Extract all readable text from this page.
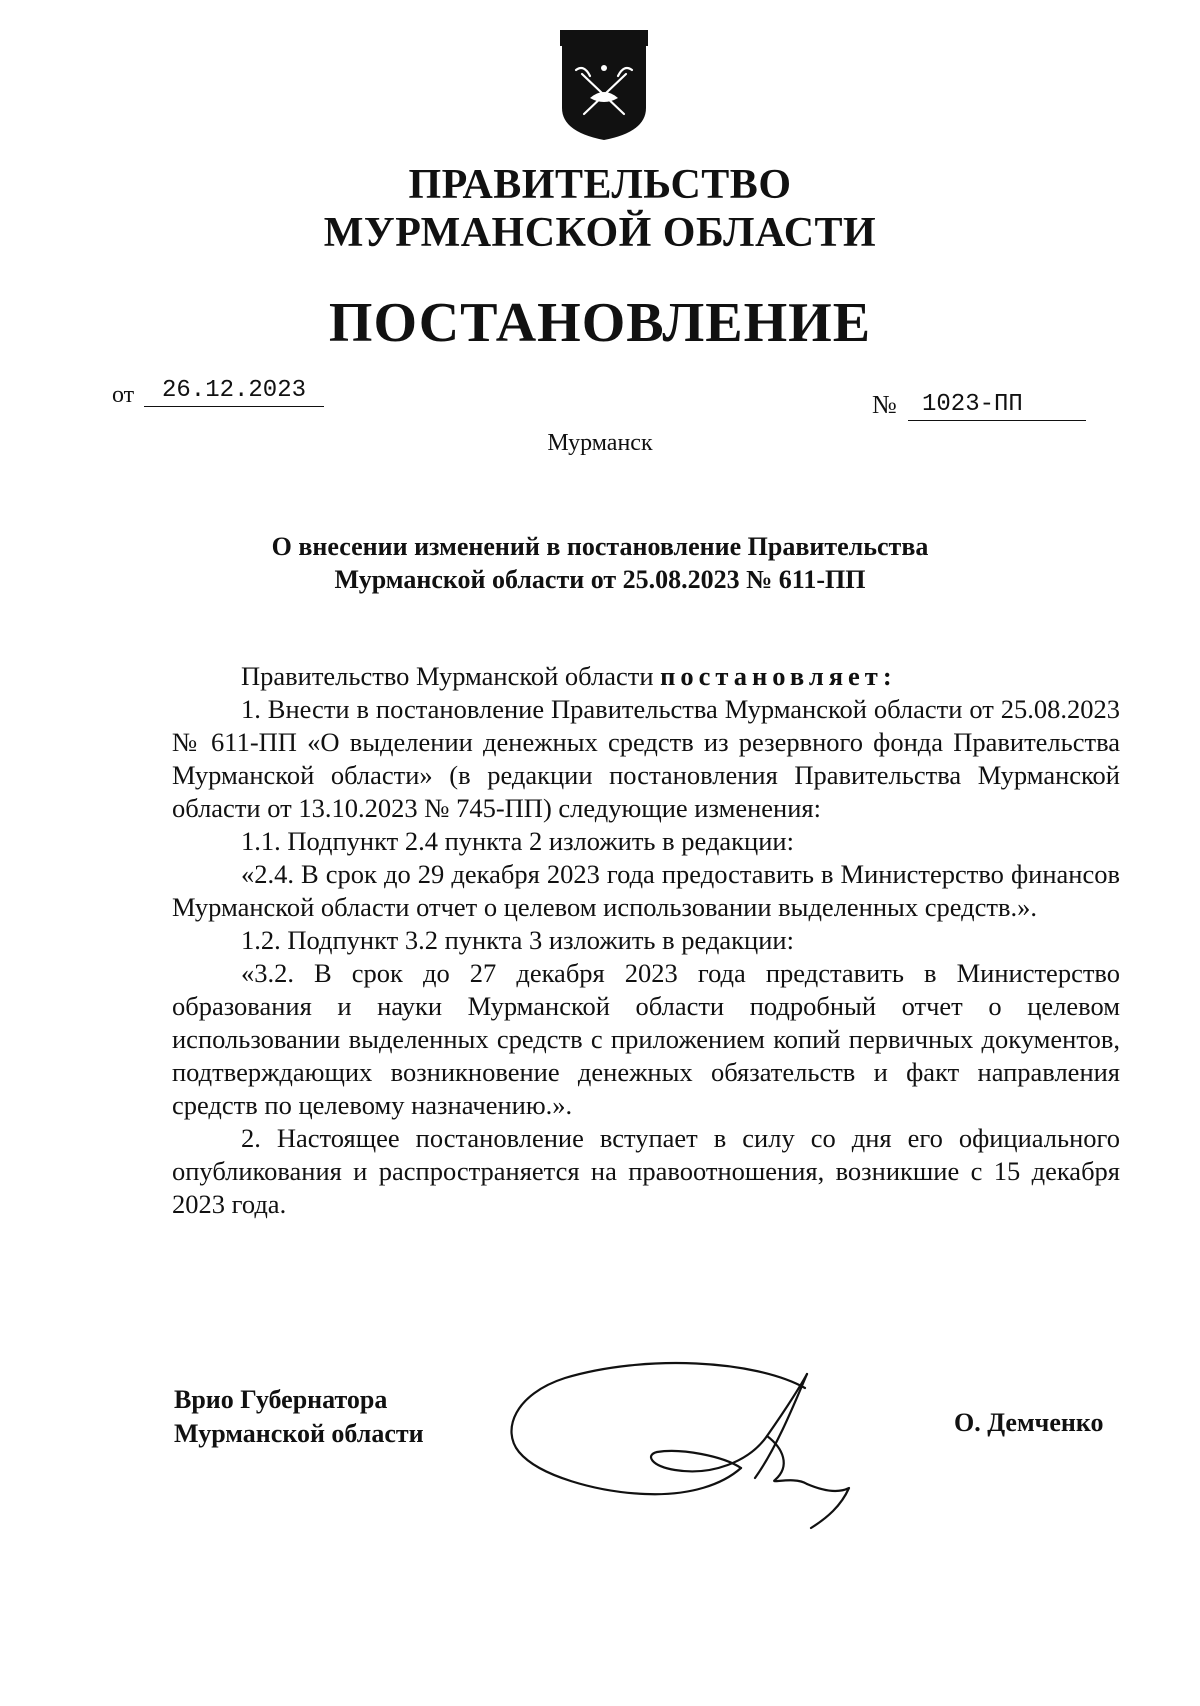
ПРАВИТЕЛЬСТВО
МУРМАНСКОЙ ОБЛАСТИ
ПОСТАНОВЛЕНИЕ
от	26.12.2023	№	1023-ПП
Мурманск
О внесении изменений в постановление Правительства
Мурманской области от 25.08.2023 № 611-ПП

Правительство Мурманской области постановляет:

1. Внести в постановление Правительства Мурманской области от 25.08.2023 № 611-ПП «О выделении денежных средств из резервного фонда Правительства Мурманской области» (в редакции постановления Правительства Мурманской области от 13.10.2023 № 745-ПП) следующие изменения:

1.1. Подпункт 2.4 пункта 2 изложить в редакции:

«2.4. В срок до 29 декабря 2023 года предоставить в Министерство финансов Мурманской области отчет о целевом использовании выделенных средств.».

1.2. Подпункт 3.2 пункта 3 изложить в редакции:

«3.2. В срок до 27 декабря 2023 года представить в Министерство образования и науки Мурманской области подробный отчет о целевом использовании выделенных средств с приложением копий первичных документов, подтверждающих возникновение денежных обязательств и факт направления средств по целевому назначению.».

2. Настоящее постановление вступает в силу со дня его официального опубликования и распространяется на правоотношения, возникшие с 15 декабря 2023 года.

Врио Губернатора
Мурманской области	О. Демченко
